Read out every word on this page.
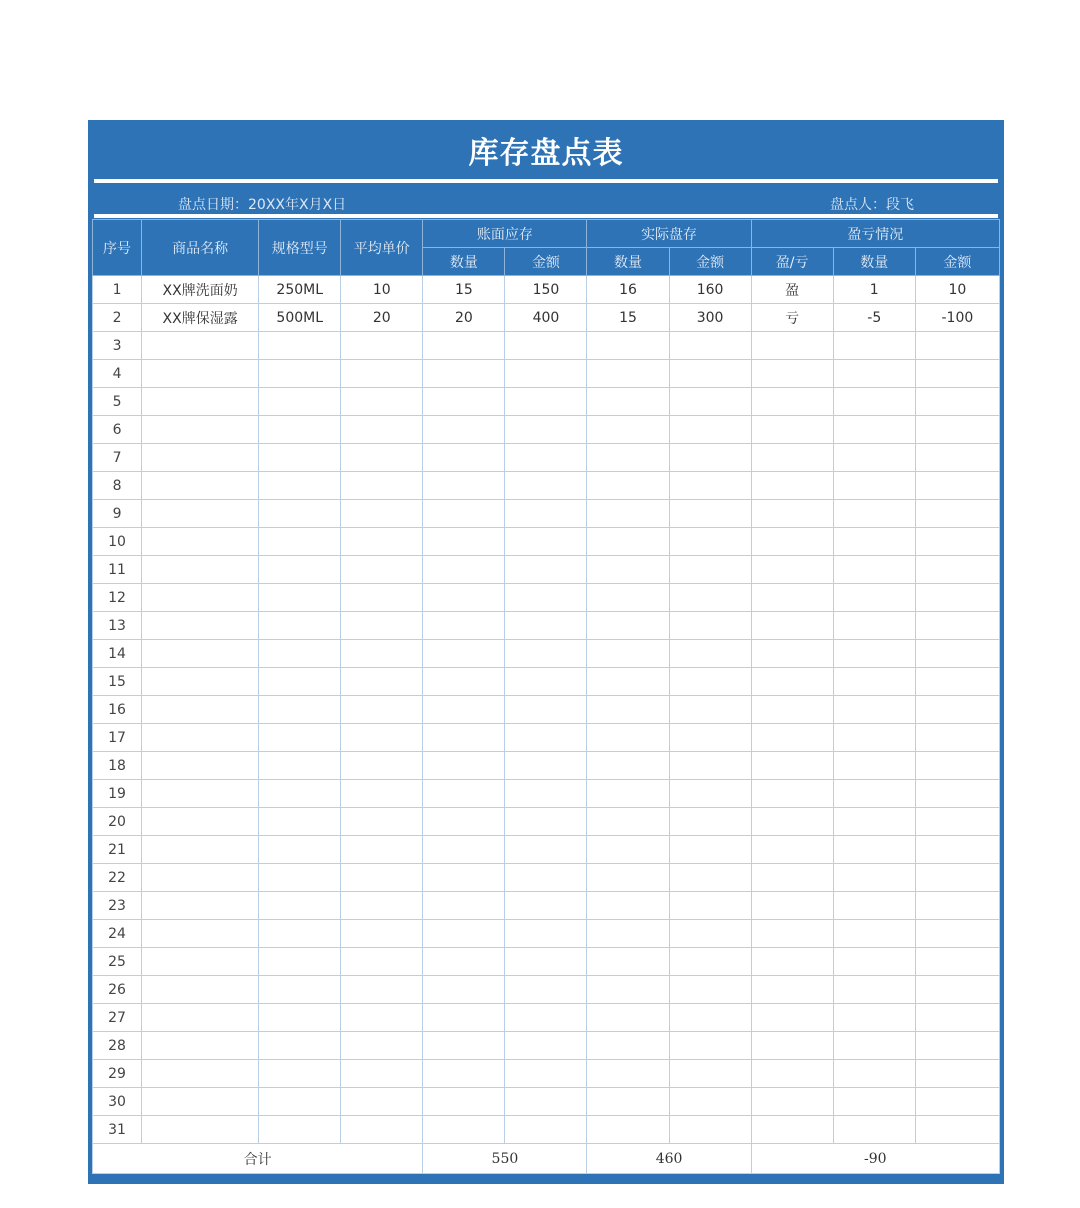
库存盘点表
盘点日期：20XX年X月X日	盘点人：段飞
序号	商品名称	规格型号	平均单价	账面应存		实际盘存		盈亏情况		
				数量	金额	数量	金额	盈/亏	数量	金额
1	XX牌洗面奶	250ML	10	15	150	16	160	盈	1	10
2	XX牌保湿露	500ML	20	20	400	15	300	亏	-5	-100
3										
4										
5										
6										
7										
8										
9										
10										
11										
12										
13										
14										
15										
16										
17										
18										
19										
20										
21										
22										
23										
24										
25										
26										
27										
28										
29										
30										
31										
合计				550		460		-90		
